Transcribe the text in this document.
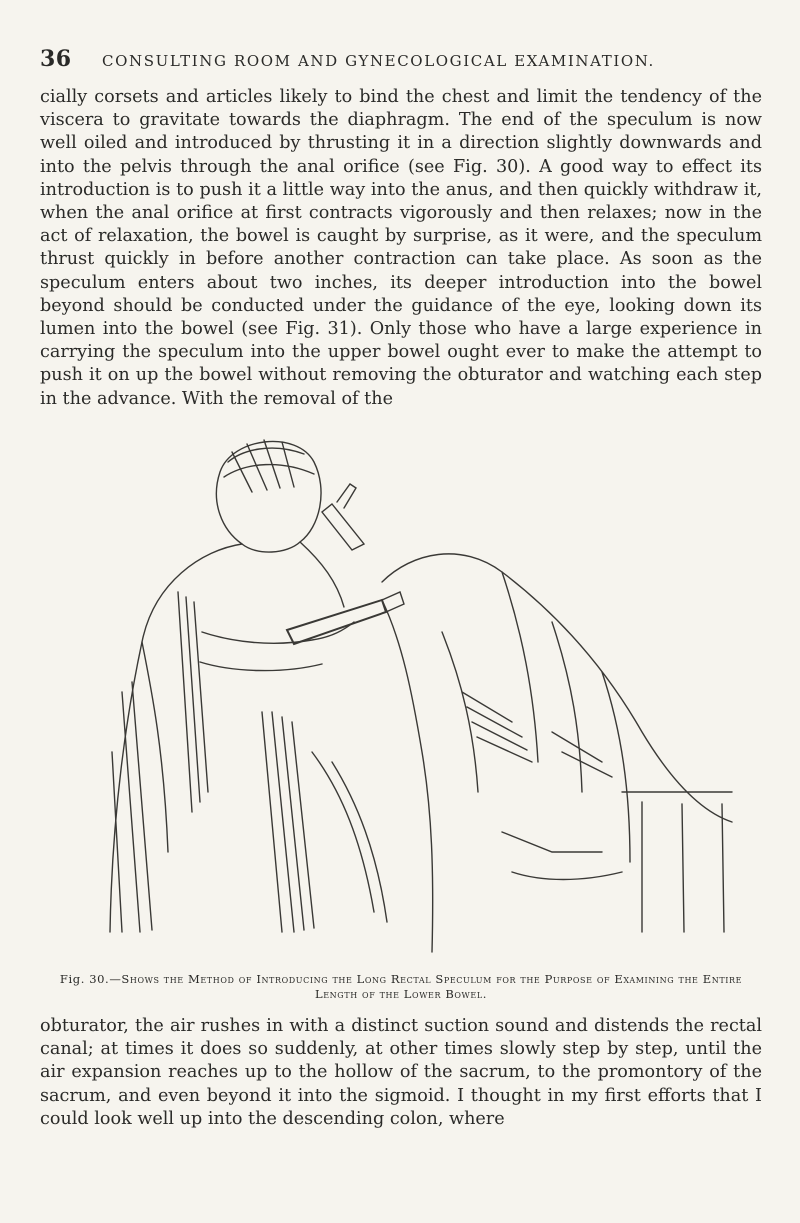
36	CONSULTING ROOM AND GYNECOLOGICAL EXAMINATION.

cially corsets and articles likely to bind the chest and limit the tendency of the viscera to gravitate towards the diaphragm. The end of the speculum is now well oiled and introduced by thrusting it in a direction slightly downwards and into the pelvis through the anal orifice (see Fig. 30). A good way to effect its introduction is to push it a little way into the anus, and then quickly withdraw it, when the anal orifice at first contracts vigorously and then relaxes; now in the act of relaxation, the bowel is caught by surprise, as it were, and the speculum thrust quickly in before another contraction can take place. As soon as the speculum enters about two inches, its deeper introduction into the bowel beyond should be conducted under the guidance of the eye, looking down its lumen into the bowel (see Fig. 31). Only those who have a large experience in carrying the speculum into the upper bowel ought ever to make the attempt to push it on up the bowel without removing the obturator and watching each step in the advance. With the removal of the

Fig. 30.—Shows the Method of Introducing the Long Rectal Speculum for the Purpose of Examining the Entire Length of the Lower Bowel.

obturator, the air rushes in with a distinct suction sound and distends the rectal canal; at times it does so suddenly, at other times slowly step by step, until the air expansion reaches up to the hollow of the sacrum, to the promontory of the sacrum, and even beyond it into the sigmoid. I thought in my first efforts that I could look well up into the descending colon, where
